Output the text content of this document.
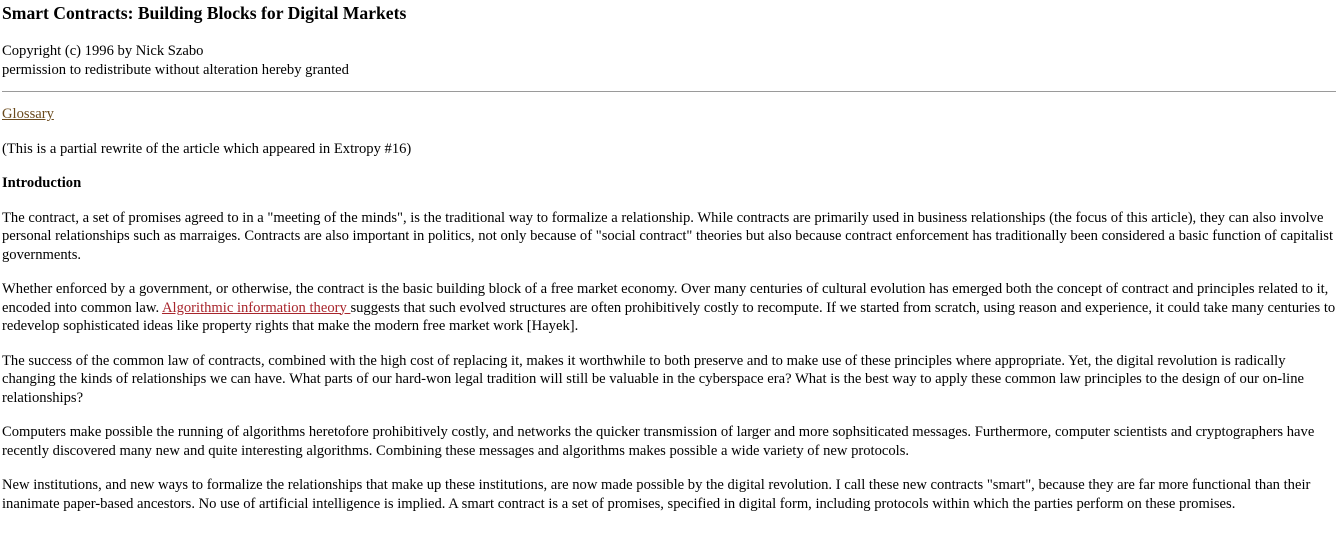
Smart Contracts: Building Blocks for Digital Markets

Copyright (c) 1996 by Nick Szabo
permission to redistribute without alteration hereby granted

Glossary

(This is a partial rewrite of the article which appeared in Extropy #16)

Introduction

The contract, a set of promises agreed to in a "meeting of the minds", is the traditional way to formalize a relationship. While contracts are primarily used in business relationships (the focus of this article), they can also involve personal relationships such as marraiges. Contracts are also important in politics, not only because of "social contract" theories but also because contract enforcement has traditionally been considered a basic function of capitalist governments.

Whether enforced by a government, or otherwise, the contract is the basic building block of a free market economy. Over many centuries of cultural evolution has emerged both the concept of contract and principles related to it, encoded into common law. Algorithmic information theory suggests that such evolved structures are often prohibitively costly to recompute. If we started from scratch, using reason and experience, it could take many centuries to redevelop sophisticated ideas like property rights that make the modern free market work [Hayek].

The success of the common law of contracts, combined with the high cost of replacing it, makes it worthwhile to both preserve and to make use of these principles where appropriate. Yet, the digital revolution is radically changing the kinds of relationships we can have. What parts of our hard-won legal tradition will still be valuable in the cyberspace era? What is the best way to apply these common law principles to the design of our on-line relationships?

Computers make possible the running of algorithms heretofore prohibitively costly, and networks the quicker transmission of larger and more sophsiticated messages. Furthermore, computer scientists and cryptographers have recently discovered many new and quite interesting algorithms. Combining these messages and algorithms makes possible a wide variety of new protocols.

New institutions, and new ways to formalize the relationships that make up these institutions, are now made possible by the digital revolution. I call these new contracts "smart", because they are far more functional than their inanimate paper-based ancestors. No use of artificial intelligence is implied. A smart contract is a set of promises, specified in digital form, including protocols within which the parties perform on these promises.
